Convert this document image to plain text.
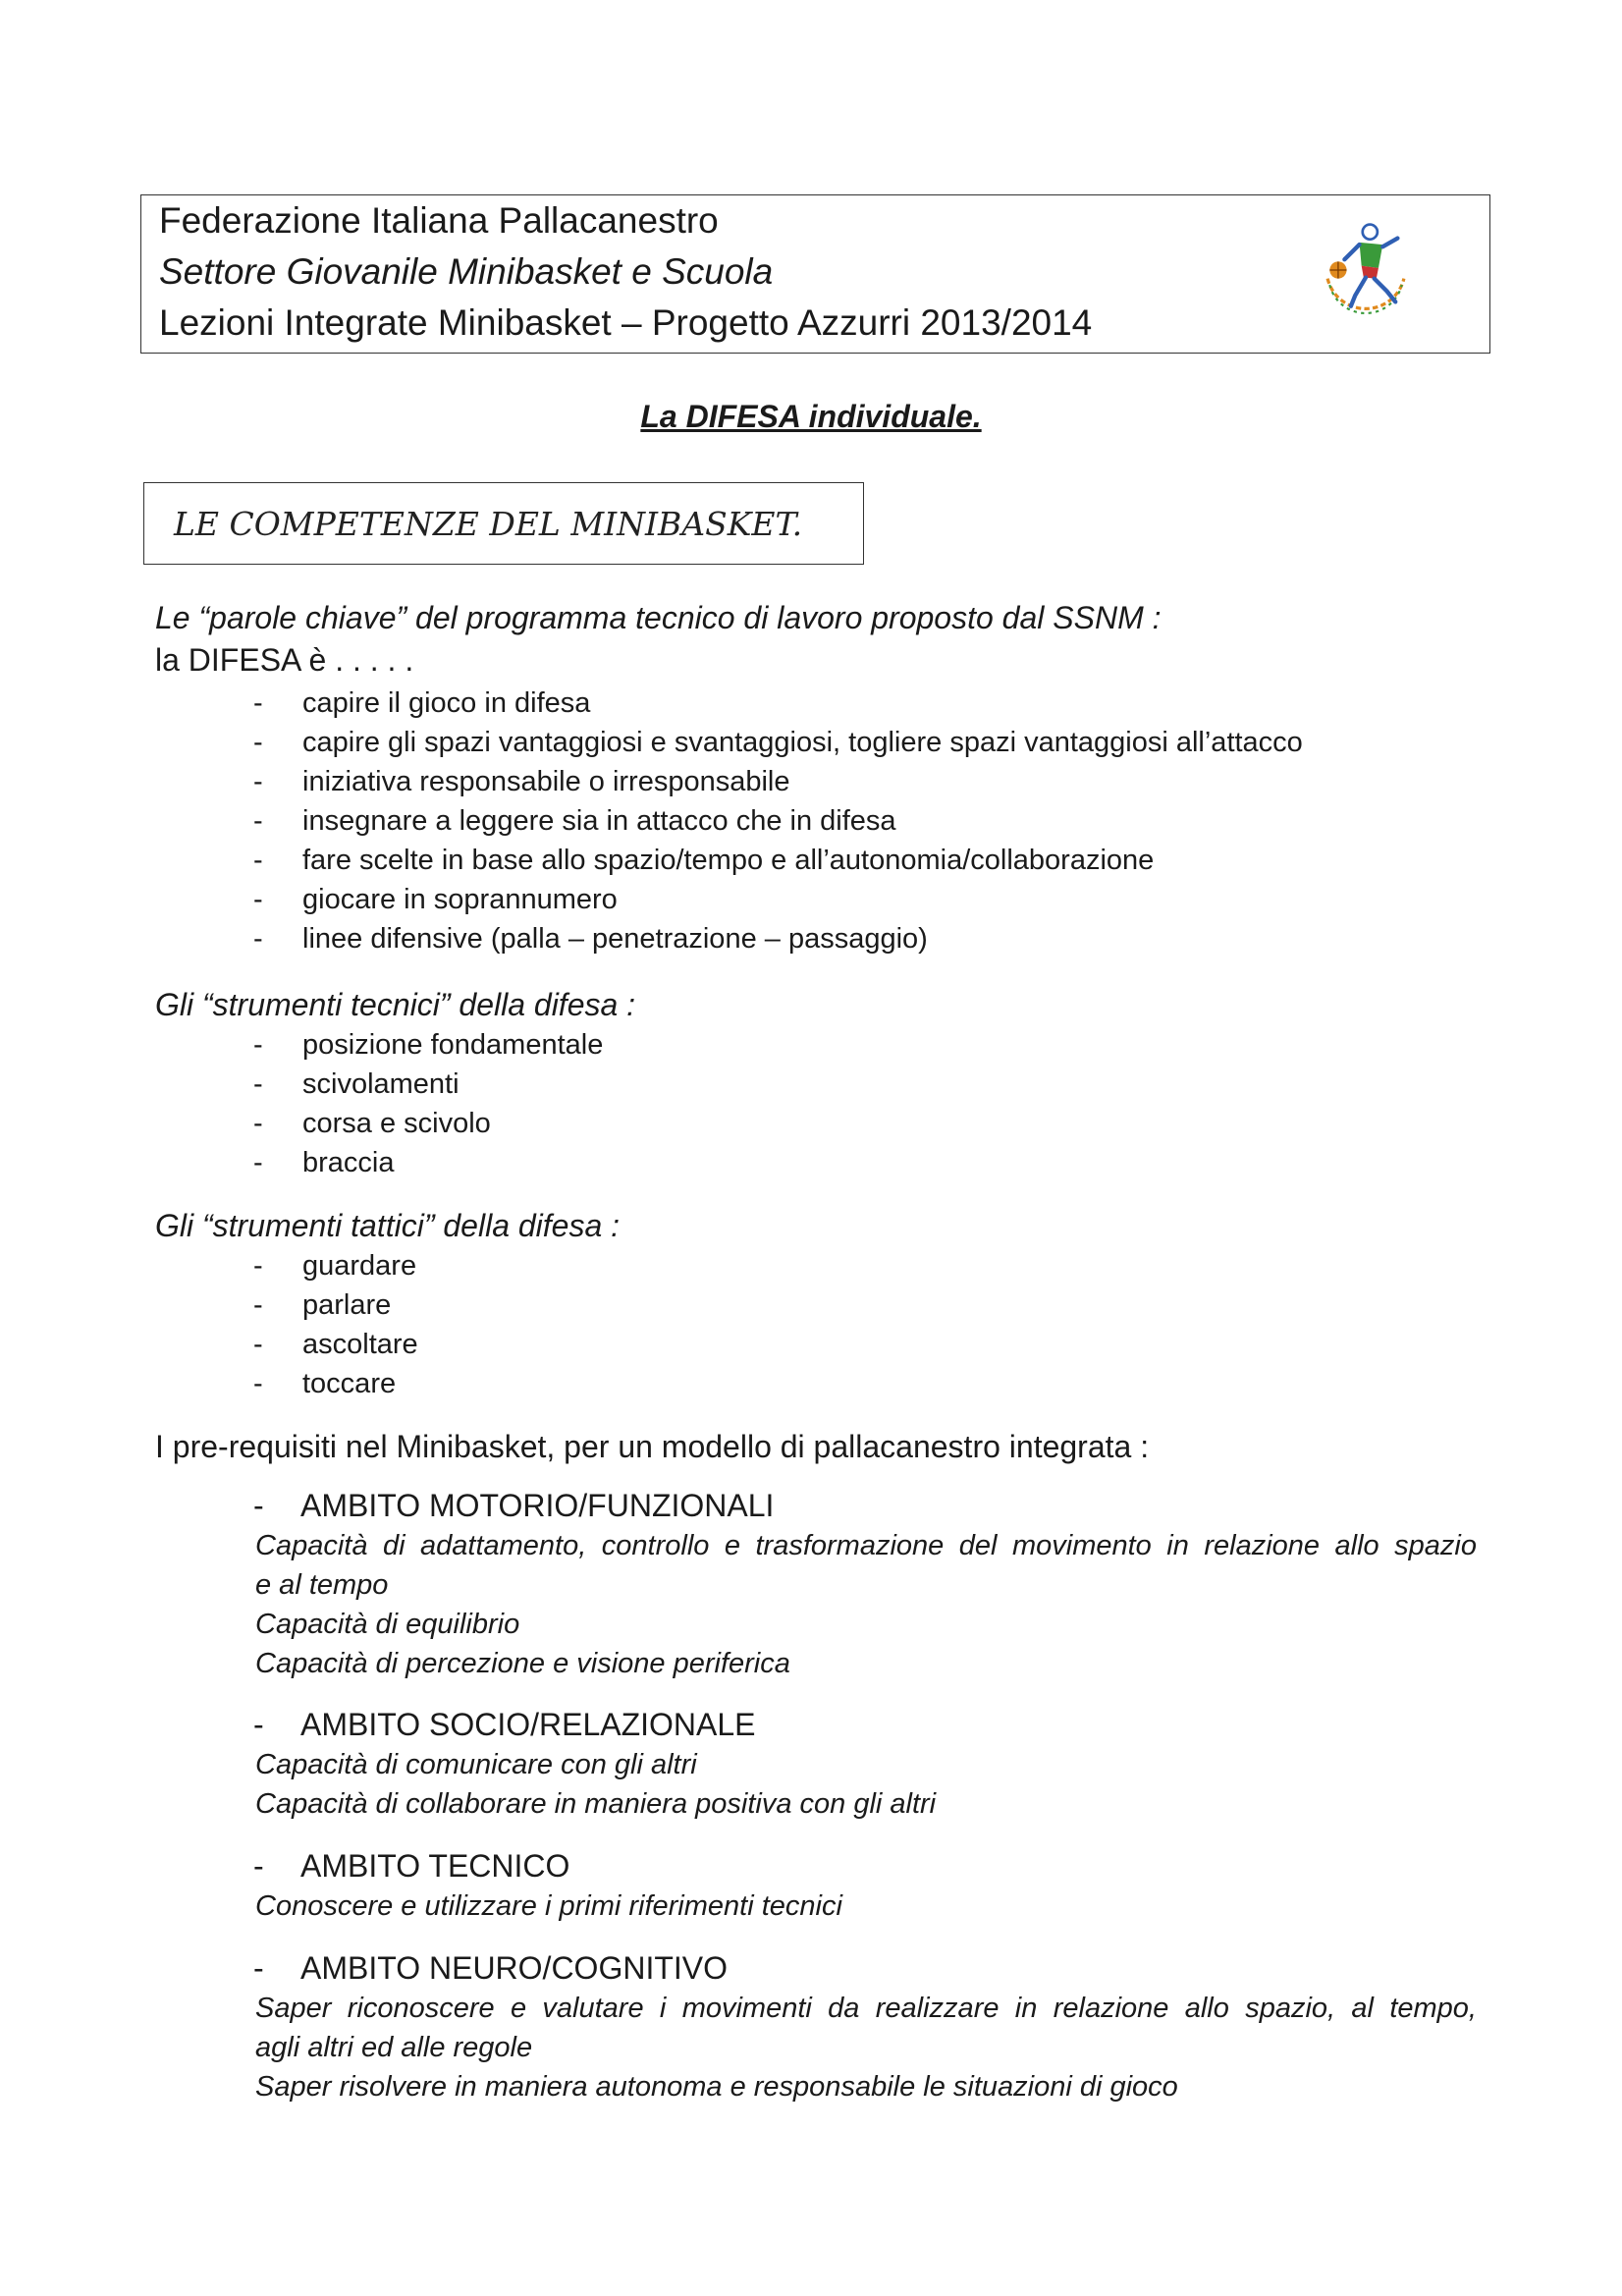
Federazione Italiana Pallacanestro
Settore Giovanile Minibasket e Scuola
Lezioni Integrate Minibasket – Progetto Azzurri 2013/2014
La DIFESA individuale.
LE COMPETENZE DEL MINIBASKET.
Le “parole chiave” del programma tecnico di lavoro proposto dal SSNM :
la DIFESA è . . . . .
- capire il gioco in difesa
- capire gli spazi vantaggiosi e svantaggiosi, togliere spazi vantaggiosi all’attacco
- iniziativa responsabile o irresponsabile
- insegnare a leggere sia in attacco che in difesa
- fare scelte in base allo spazio/tempo e all’autonomia/collaborazione
- giocare in soprannumero
- linee difensive (palla – penetrazione – passaggio)
Gli “strumenti tecnici” della difesa :
- posizione fondamentale
- scivolamenti
- corsa e scivolo
- braccia
Gli “strumenti tattici” della difesa :
- guardare
- parlare
- ascoltare
- toccare
I pre-requisiti nel Minibasket, per un modello di pallacanestro integrata :
- AMBITO MOTORIO/FUNZIONALI
Capacità di adattamento, controllo e trasformazione del movimento in relazione allo spazio
e al tempo
Capacità di equilibrio
Capacità di percezione e visione periferica
- AMBITO SOCIO/RELAZIONALE
Capacità di comunicare con gli altri
Capacità di collaborare in maniera positiva con gli altri
- AMBITO TECNICO
Conoscere e utilizzare i primi riferimenti tecnici
- AMBITO NEURO/COGNITIVO
Saper riconoscere e valutare i movimenti da realizzare in relazione allo spazio, al tempo,
agli altri ed alle regole
Saper risolvere in maniera autonoma e responsabile le situazioni di gioco
